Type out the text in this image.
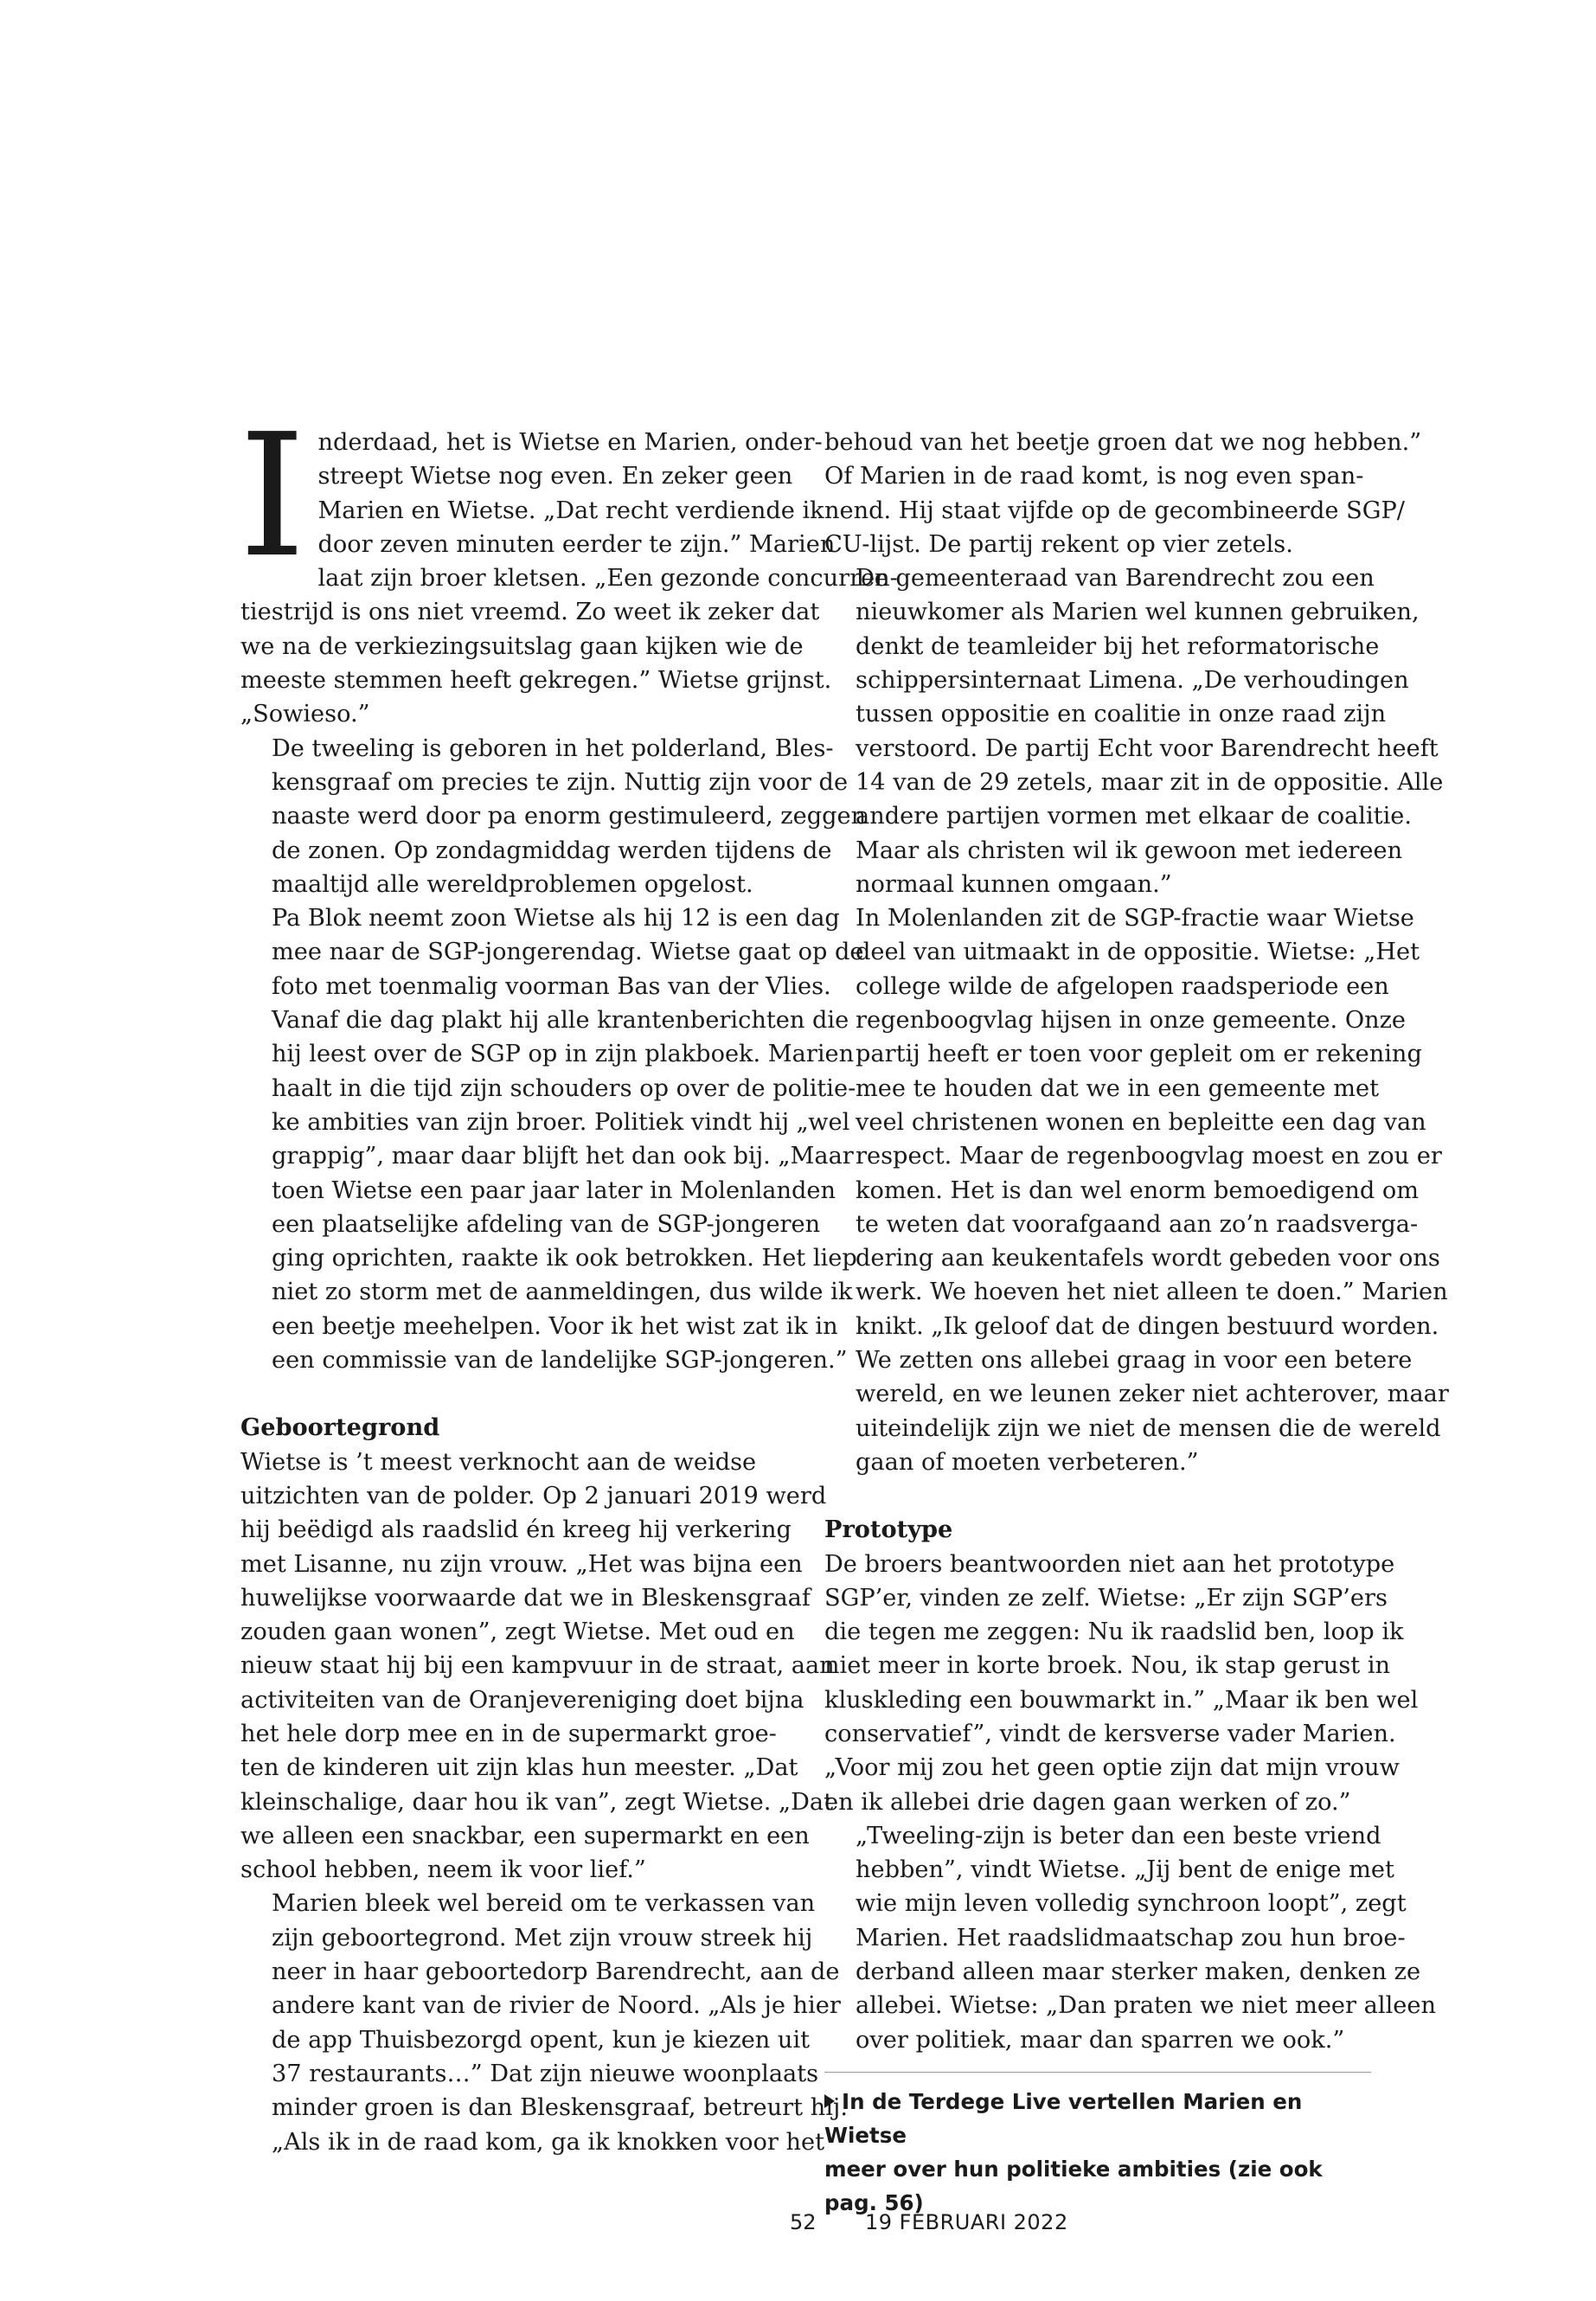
I nderdaad, het is Wietse en Marien, onder-
streept Wietse nog even. En zeker geen
Marien en Wietse. „Dat recht verdiende ik
door zeven minuten eerder te zijn.” Marien
laat zijn broer kletsen. „Een gezonde concurren-
tiestrijd is ons niet vreemd. Zo weet ik zeker dat
we na de verkiezingsuitslag gaan kijken wie de
meeste stemmen heeft gekregen.” Wietse grijnst.
„Sowieso.”

De tweeling is geboren in het polderland, Bles-
kensgraaf om precies te zijn. Nuttig zijn voor de
naaste werd door pa enorm gestimuleerd, zeggen
de zonen. Op zondagmiddag werden tijdens de
maaltijd alle wereldproblemen opgelost.

Pa Blok neemt zoon Wietse als hij 12 is een dag
mee naar de SGP-jongerendag. Wietse gaat op de
foto met toenmalig voorman Bas van der Vlies.
Vanaf die dag plakt hij alle krantenberichten die
hij leest over de SGP op in zijn plakboek. Marien
haalt in die tijd zijn schouders op over de politie-
ke ambities van zijn broer. Politiek vindt hij „wel
grappig”, maar daar blijft het dan ook bij. „Maar
toen Wietse een paar jaar later in Molenlanden
een plaatselijke afdeling van de SGP-jongeren
ging oprichten, raakte ik ook betrokken. Het liep
niet zo storm met de aanmeldingen, dus wilde ik
een beetje meehelpen. Voor ik het wist zat ik in
een commissie van de landelijke SGP-jongeren.”

Geboortegrond

Wietse is ’t meest verknocht aan de weidse
uitzichten van de polder. Op 2 januari 2019 werd
hij beëdigd als raadslid én kreeg hij verkering
met Lisanne, nu zijn vrouw. „Het was bijna een
huwelijkse voorwaarde dat we in Bleskensgraaf
zouden gaan wonen”, zegt Wietse. Met oud en
nieuw staat hij bij een kampvuur in de straat, aan
activiteiten van de Oranjevereniging doet bijna
het hele dorp mee en in de supermarkt groe-
ten de kinderen uit zijn klas hun meester. „Dat
kleinschalige, daar hou ik van”, zegt Wietse. „Dat
we alleen een snackbar, een supermarkt en een
school hebben, neem ik voor lief.”

Marien bleek wel bereid om te verkassen van
zijn geboortegrond. Met zijn vrouw streek hij
neer in haar geboortedorp Barendrecht, aan de
andere kant van de rivier de Noord. „Als je hier
de app Thuisbezorgd opent, kun je kiezen uit
37 restaurants…” Dat zijn nieuwe woonplaats
minder groen is dan Bleskensgraaf, betreurt hij.
„Als ik in de raad kom, ga ik knokken voor het

behoud van het beetje groen dat we nog hebben.”
Of Marien in de raad komt, is nog even span-
nend. Hij staat vijfde op de gecombineerde SGP/
CU-lijst. De partij rekent op vier zetels.

De gemeenteraad van Barendrecht zou een
nieuwkomer als Marien wel kunnen gebruiken,
denkt de teamleider bij het reformatorische
schippersinternaat Limena. „De verhoudingen
tussen oppositie en coalitie in onze raad zijn
verstoord. De partij Echt voor Barendrecht heeft
14 van de 29 zetels, maar zit in de oppositie. Alle
andere partijen vormen met elkaar de coalitie.
Maar als christen wil ik gewoon met iedereen
normaal kunnen omgaan.”

In Molenlanden zit de SGP-fractie waar Wietse
deel van uitmaakt in de oppositie. Wietse: „Het
college wilde de afgelopen raadsperiode een
regenboogvlag hijsen in onze gemeente. Onze
partij heeft er toen voor gepleit om er rekening
mee te houden dat we in een gemeente met
veel christenen wonen en bepleitte een dag van
respect. Maar de regenboogvlag moest en zou er
komen. Het is dan wel enorm bemoedigend om
te weten dat voorafgaand aan zo’n raadsverga-
dering aan keukentafels wordt gebeden voor ons
werk. We hoeven het niet alleen te doen.” Marien
knikt. „Ik geloof dat de dingen bestuurd worden.
We zetten ons allebei graag in voor een betere
wereld, en we leunen zeker niet achterover, maar
uiteindelijk zijn we niet de mensen die de wereld
gaan of moeten verbeteren.”

Prototype

De broers beantwoorden niet aan het prototype
SGP’er, vinden ze zelf. Wietse: „Er zijn SGP’ers
die tegen me zeggen: Nu ik raadslid ben, loop ik
niet meer in korte broek. Nou, ik stap gerust in
kluskleding een bouwmarkt in.” „Maar ik ben wel
conservatief”, vindt de kersverse vader Marien.
„Voor mij zou het geen optie zijn dat mijn vrouw
en ik allebei drie dagen gaan werken of zo.”

„Tweeling-zijn is beter dan een beste vriend
hebben”, vindt Wietse. „Jij bent de enige met
wie mijn leven volledig synchroon loopt”, zegt
Marien. Het raadslidmaatschap zou hun broe-
derband alleen maar sterker maken, denken ze
allebei. Wietse: „Dan praten we niet meer alleen
over politiek, maar dan sparren we ook.”

In de Terdege Live vertellen Marien en Wietse
meer over hun politieke ambities (zie ook pag. 56)
52 19 FEBRUARI 2022
